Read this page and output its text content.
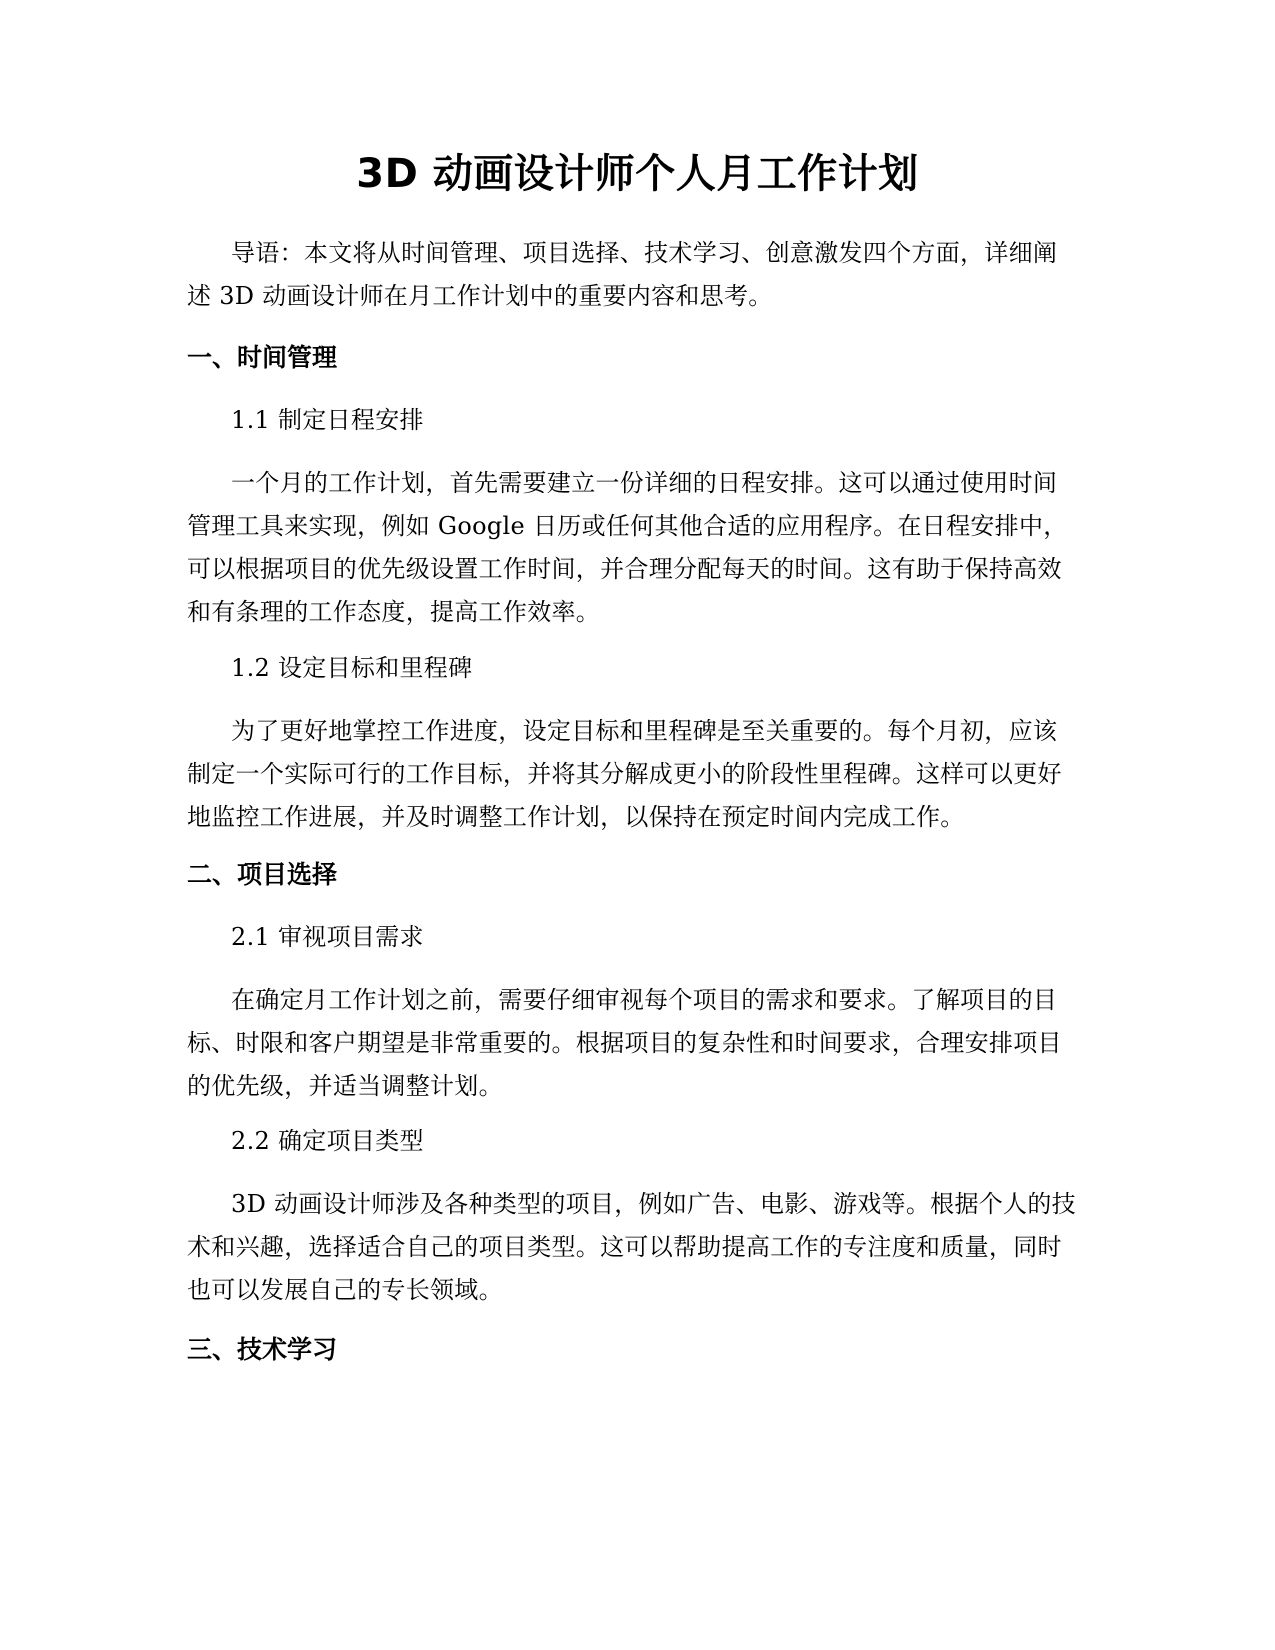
3D 动画设计师个人月工作计划

导语：本文将从时间管理、项目选择、技术学习、创意激发四个方面，详细阐述 3D 动画设计师在月工作计划中的重要内容和思考。

一、时间管理

1.1 制定日程安排

一个月的工作计划，首先需要建立一份详细的日程安排。这可以通过使用时间管理工具来实现，例如 Google 日历或任何其他合适的应用程序。在日程安排中，可以根据项目的优先级设置工作时间，并合理分配每天的时间。这有助于保持高效和有条理的工作态度，提高工作效率。

1.2 设定目标和里程碑

为了更好地掌控工作进度，设定目标和里程碑是至关重要的。每个月初，应该制定一个实际可行的工作目标，并将其分解成更小的阶段性里程碑。这样可以更好地监控工作进展，并及时调整工作计划，以保持在预定时间内完成工作。

二、项目选择

2.1 审视项目需求

在确定月工作计划之前，需要仔细审视每个项目的需求和要求。了解项目的目标、时限和客户期望是非常重要的。根据项目的复杂性和时间要求，合理安排项目的优先级，并适当调整计划。

2.2 确定项目类型

3D 动画设计师涉及各种类型的项目，例如广告、电影、游戏等。根据个人的技术和兴趣，选择适合自己的项目类型。这可以帮助提高工作的专注度和质量，同时也可以发展自己的专长领域。

三、技术学习
